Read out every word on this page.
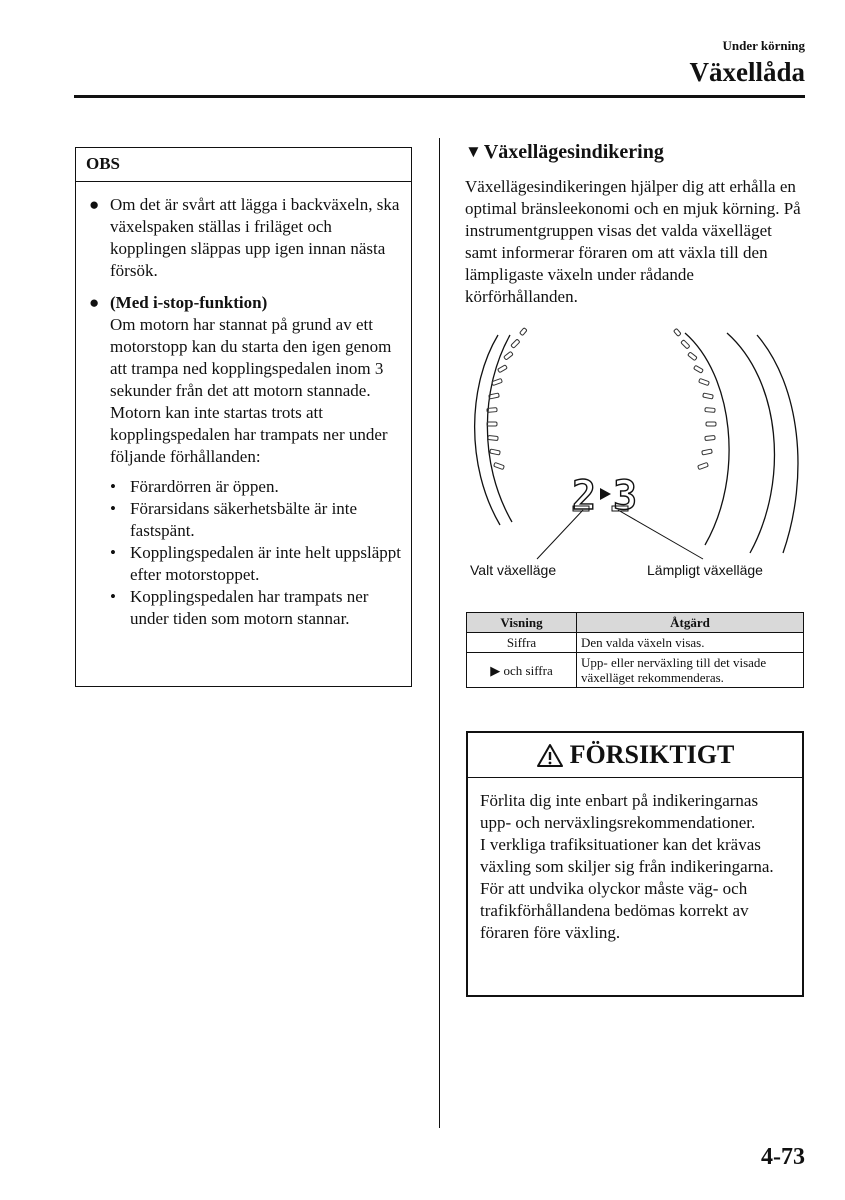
Under körning
Växellåda
OBS
● Om det är svårt att lägga i backväxeln, ska växelspaken ställas i friläget och kopplingen släppas upp igen innan nästa försök.
● (Med i-stop-funktion)
Om motorn har stannat på grund av ett motorstopp kan du starta den igen genom att trampa ned kopplingspedalen inom 3 sekunder från det att motorn stannade. Motorn kan inte startas trots att kopplingspedalen har trampats ner under följande förhållanden:
• Förardörren är öppen.
• Förarsidans säkerhetsbälte är inte fastspänt.
• Kopplingspedalen är inte helt uppsläppt efter motorstoppet.
• Kopplingspedalen har trampats ner under tiden som motorn stannar.
▼ Växellägesindikering

Växellägesindikeringen hjälper dig att erhålla en optimal bränsleekonomi och en mjuk körning. På instrumentgruppen visas det valda växelläget samt informerar föraren om att växla till den lämpligaste växeln under rådande körförhållanden.

2 3
Valt växelläge	Lämpligt växelläge
Visning	Åtgärd
Siffra	Den valda växeln visas.
▶ och siffra	Upp- eller nerväxling till det visade växelläget rekommenderas.
FÖRSIKTIGT

Förlita dig inte enbart på indikeringarnas upp- och nerväxlingsrekommendationer.
I verkliga trafiksituationer kan det krävas växling som skiljer sig från indikeringarna. För att undvika olyckor måste väg- och trafikförhållandena bedömas korrekt av föraren före växling.

4-73
